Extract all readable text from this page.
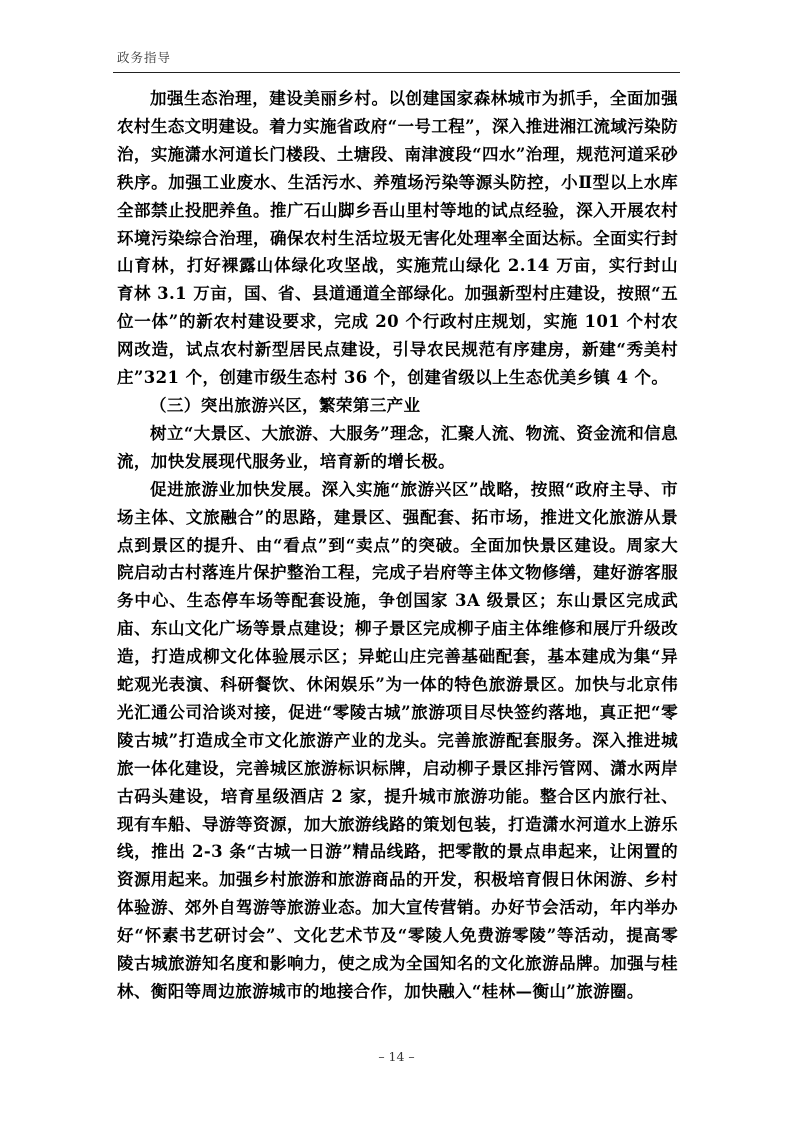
政务指导

加强生态治理，建设美丽乡村。以创建国家森林城市为抓手，全面加强农村生态文明建设。着力实施省政府“一号工程”，深入推进湘江流域污染防治，实施潇水河道长门楼段、土塘段、南津渡段“四水”治理，规范河道采砂秩序。加强工业废水、生活污水、养殖场污染等源头防控，小Ⅱ型以上水库全部禁止投肥养鱼。推广石山脚乡吾山里村等地的试点经验，深入开展农村环境污染综合治理，确保农村生活垃圾无害化处理率全面达标。全面实行封山育林，打好裸露山体绿化攻坚战，实施荒山绿化 2.14 万亩，实行封山育林 3.1 万亩，国、省、县道通道全部绿化。加强新型村庄建设，按照“五位一体”的新农村建设要求，完成 20 个行政村庄规划，实施 101 个村农网改造，试点农村新型居民点建设，引导农民规范有序建房，新建“秀美村庄”321 个，创建市级生态村 36 个，创建省级以上生态优美乡镇 4 个。

（三）突出旅游兴区，繁荣第三产业

树立“大景区、大旅游、大服务”理念，汇聚人流、物流、资金流和信息流，加快发展现代服务业，培育新的增长极。

促进旅游业加快发展。深入实施“旅游兴区”战略，按照“政府主导、市场主体、文旅融合”的思路，建景区、强配套、拓市场，推进文化旅游从景点到景区的提升、由“看点”到“卖点”的突破。全面加快景区建设。周家大院启动古村落连片保护整治工程，完成子岩府等主体文物修缮，建好游客服务中心、生态停车场等配套设施，争创国家 3A 级景区；东山景区完成武庙、东山文化广场等景点建设；柳子景区完成柳子庙主体维修和展厅升级改造，打造成柳文化体验展示区；异蛇山庄完善基础配套，基本建成为集“异蛇观光表演、科研餐饮、休闲娱乐”为一体的特色旅游景区。加快与北京伟光汇通公司洽谈对接，促进“零陵古城”旅游项目尽快签约落地，真正把“零陵古城”打造成全市文化旅游产业的龙头。完善旅游配套服务。深入推进城旅一体化建设，完善城区旅游标识标牌，启动柳子景区排污管网、潇水两岸古码头建设，培育星级酒店 2 家，提升城市旅游功能。整合区内旅行社、现有车船、导游等资源，加大旅游线路的策划包装，打造潇水河道水上游乐线，推出 2-3 条“古城一日游”精品线路，把零散的景点串起来，让闲置的资源用起来。加强乡村旅游和旅游商品的开发，积极培育假日休闲游、乡村体验游、郊外自驾游等旅游业态。加大宣传营销。办好节会活动，年内举办好“怀素书艺研讨会”、文化艺术节及“零陵人免费游零陵”等活动，提高零陵古城旅游知名度和影响力，使之成为全国知名的文化旅游品牌。加强与桂林、衡阳等周边旅游城市的地接合作，加快融入“桂林—衡山”旅游圈。

– 14 –
